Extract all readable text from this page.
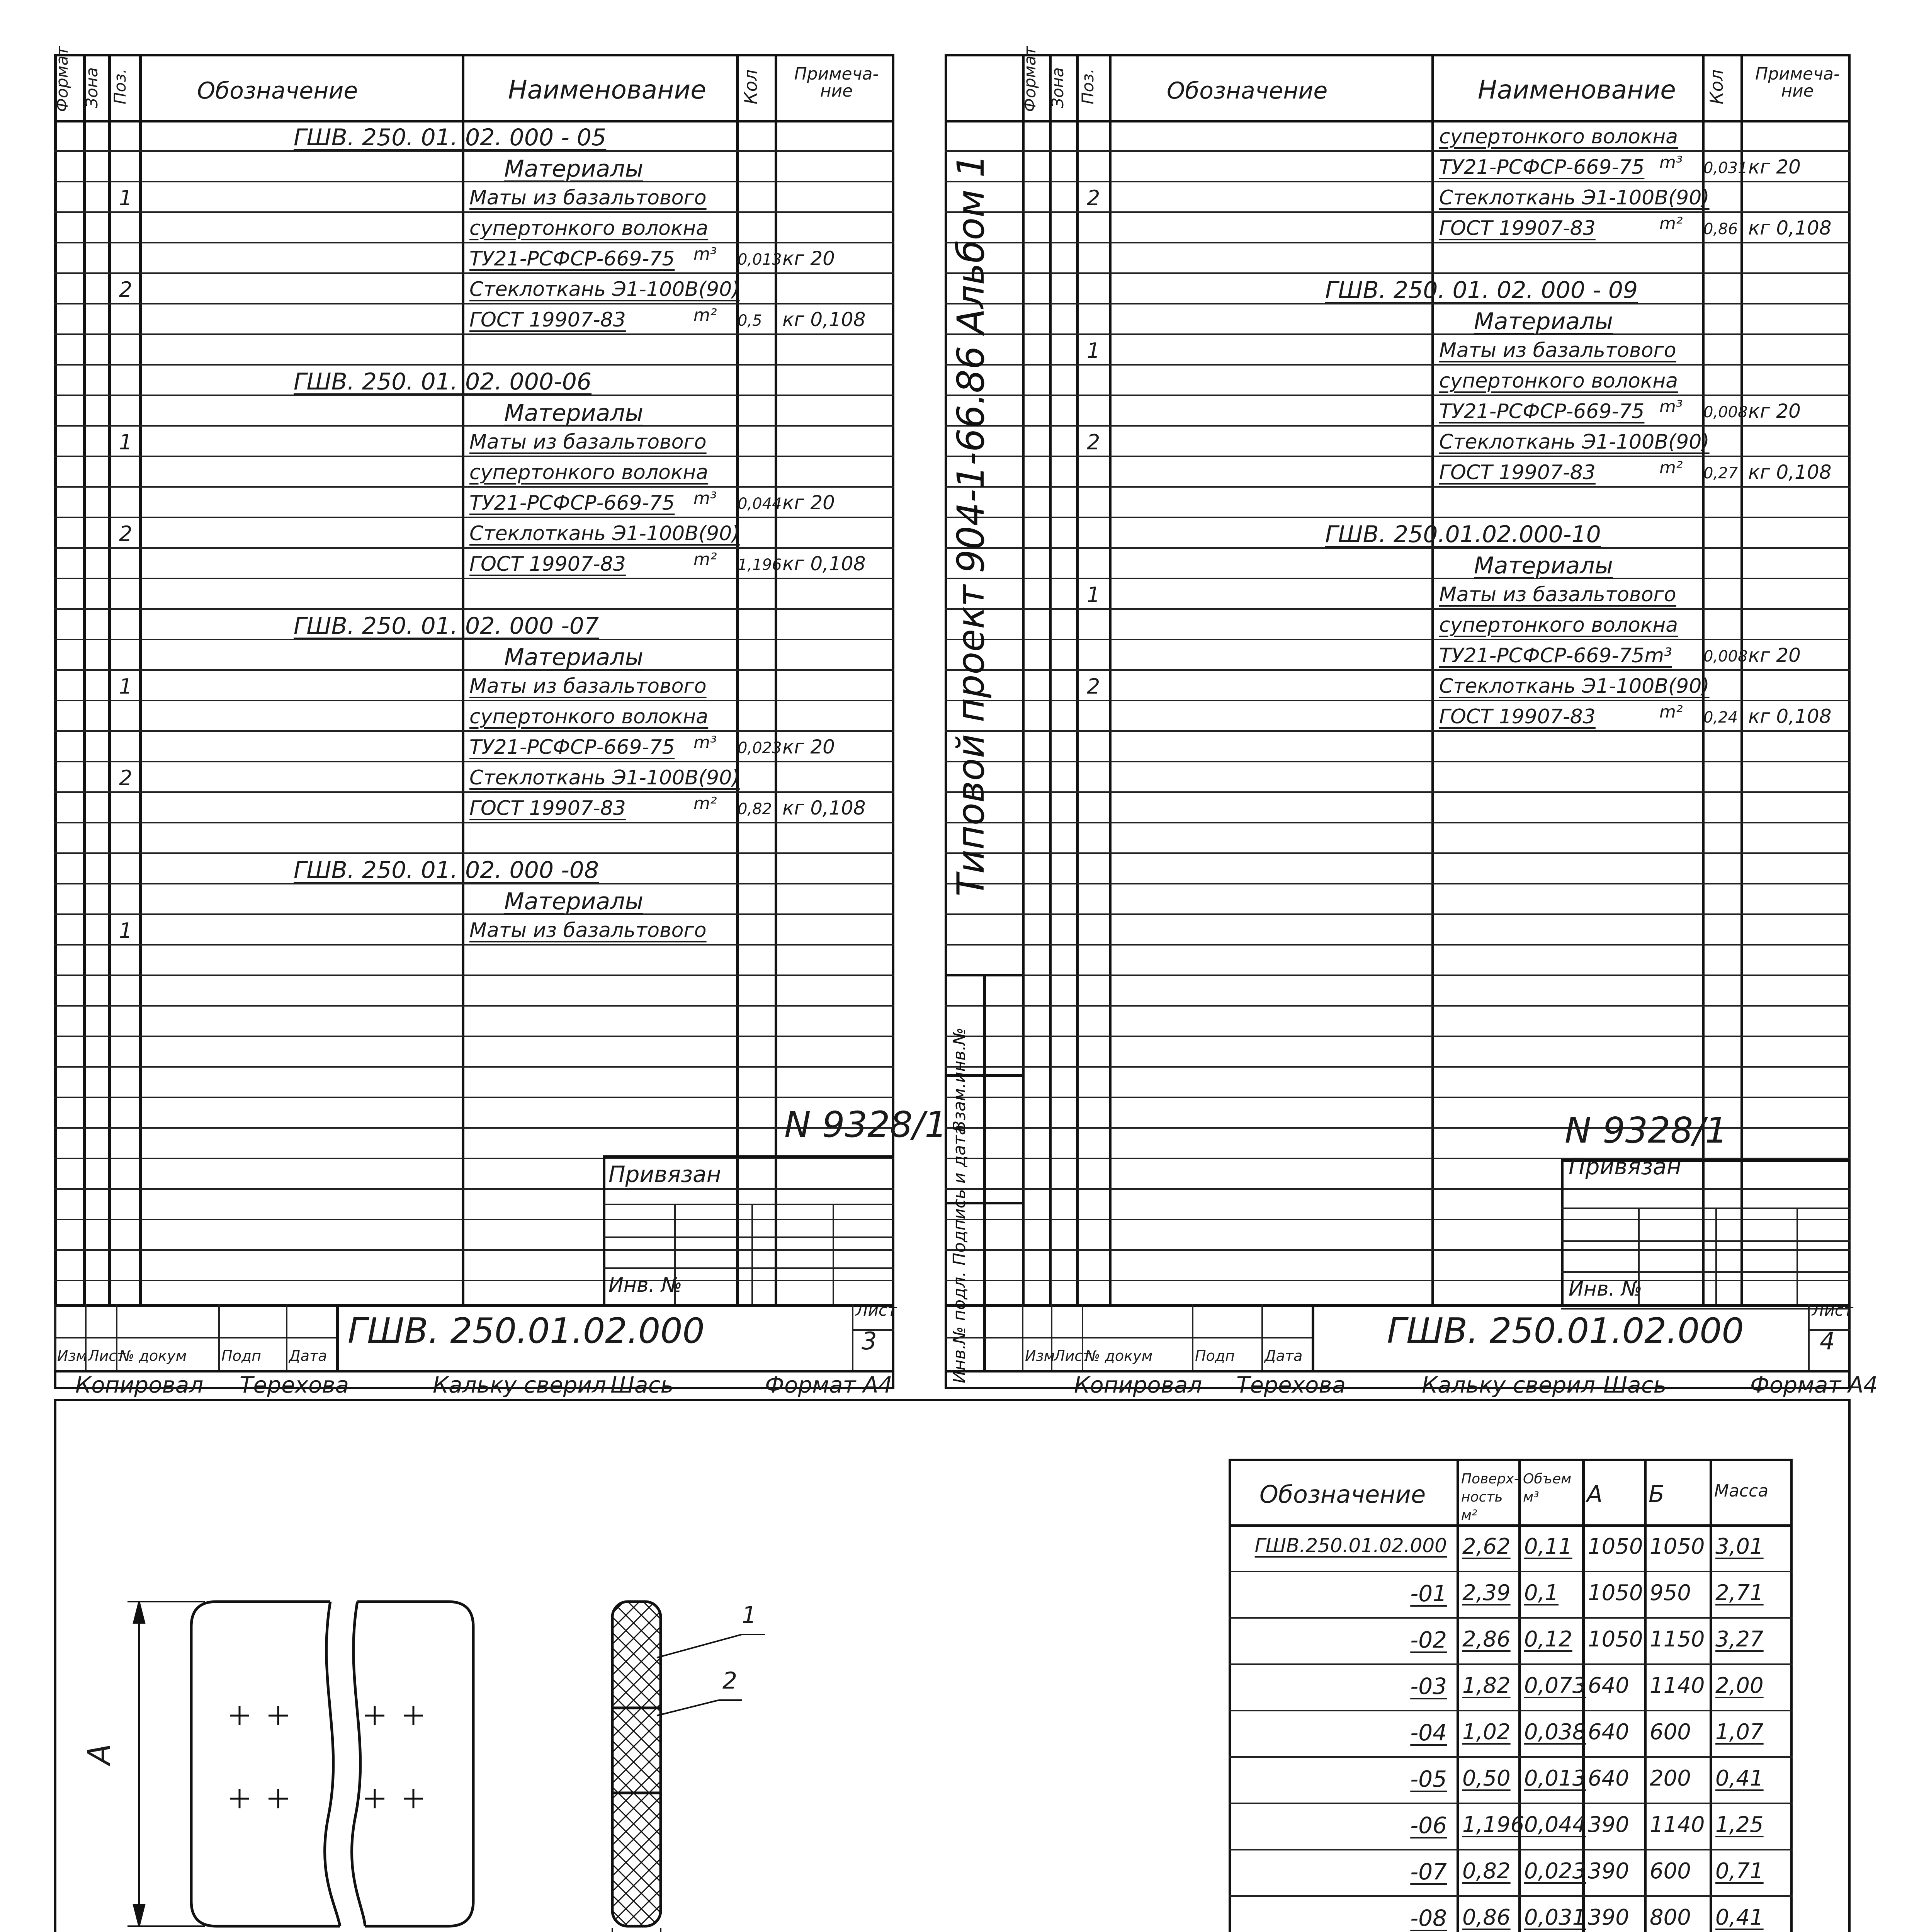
Формат Зона Поз.	Обозначение	Наименование Кол	Примеча-ние
ГШВ. 250. 01. 02. 000 - 05
Материалы
1	Маты из базальтового
супертонкого волокна
ТУ21-РСФСР-669-75 m³ 0,013 кг 20
2	Стеклоткань Э1-100В(90)
ГОСТ 19907-83	m² 0,5 кг 0,108
ГШВ. 250. 01. 02. 000-06
Материалы
1	Маты из базальтового
супертонкого волокна
ТУ21-РСФСР-669-75 m³ 0,044 кг 20
2	Стеклоткань Э1-100В(90)
ГОСТ 19907-83	m² 1,196 кг 0,108
ГШВ. 250. 01. 02. 000 -07
Материалы
1	Маты из базальтового
супертонкого волокна
ТУ21-РСФСР-669-75 m³ 0,023 кг 20
2	Стеклоткань Э1-100В(90)
ГОСТ 19907-83	m² 0,82 кг 0,108
ГШВ. 250. 01. 02. 000 -08
Материалы
1	Маты из базальтового
N 9328/1
Привязан
Инв. №
ГШВ. 250.01.02.000
Лист
3
Изм Лист
№ докум Подп Дата
Копировал Терехова	Кальку сверил Шась	Формат А4
Формат Зона Поз.	Обозначение	Наименование Кол Примеча-ние
супертонкого волокна
ТУ21-РСФСР-669-75 m³ 0,031 кг 20
2	Стеклоткань Э1-100В(90)
ГОСТ 19907-83	m² 0,86 кг 0,108
ГШВ. 250. 01. 02. 000 - 09
Материалы
1	Маты из базальтового
супертонкого волокна
ТУ21-РСФСР-669-75 m³ 0,008 кг 20
2	Стеклоткань Э1-100В(90)
ГОСТ 19907-83	m² 0,27 кг 0,108
ГШВ. 250.01.02.000-10
Материалы
1	Маты из базальтового
супертонкого волокна
ТУ21-РСФСР-669-75m³ 0,008 кг 20
2	Стеклоткань Э1-100В(90)
ГОСТ 19907-83	m² 0,24 кг 0,108
Типовой проект 904-1-66.86 Альбом 1
Взам.инв.№
Подпись и дата
Инв.№ подл.
N 9328/1
Привязан
Инв. №
ГШВ. 250.01.02.000
Лист
4
Изм
Лист
№ докум	Подп Дата
Копировал Терехова	Кальку сверил Шась	Формат А4
А
1
2
Обозначение
Поверх-ность м²
Объем м³	А Б	Масса
ГШВ.250.01.02.000 2,62 0,11 1050 1050 3,01
-01 2,39 0,1 1050 950 2,71
-02 2,86 0,12 1050 1150 3,27
-03 1,82 0,073 640 1140 2,00
-04 1,02 0,038 640 600 1,07
-05 0,50 0,013 640 200 0,41
-06 1,196 0,044 390 1140 1,25
-07 0,82 0,023 390 600 0,71
-08 0,86 0,031 390 800 0,41
